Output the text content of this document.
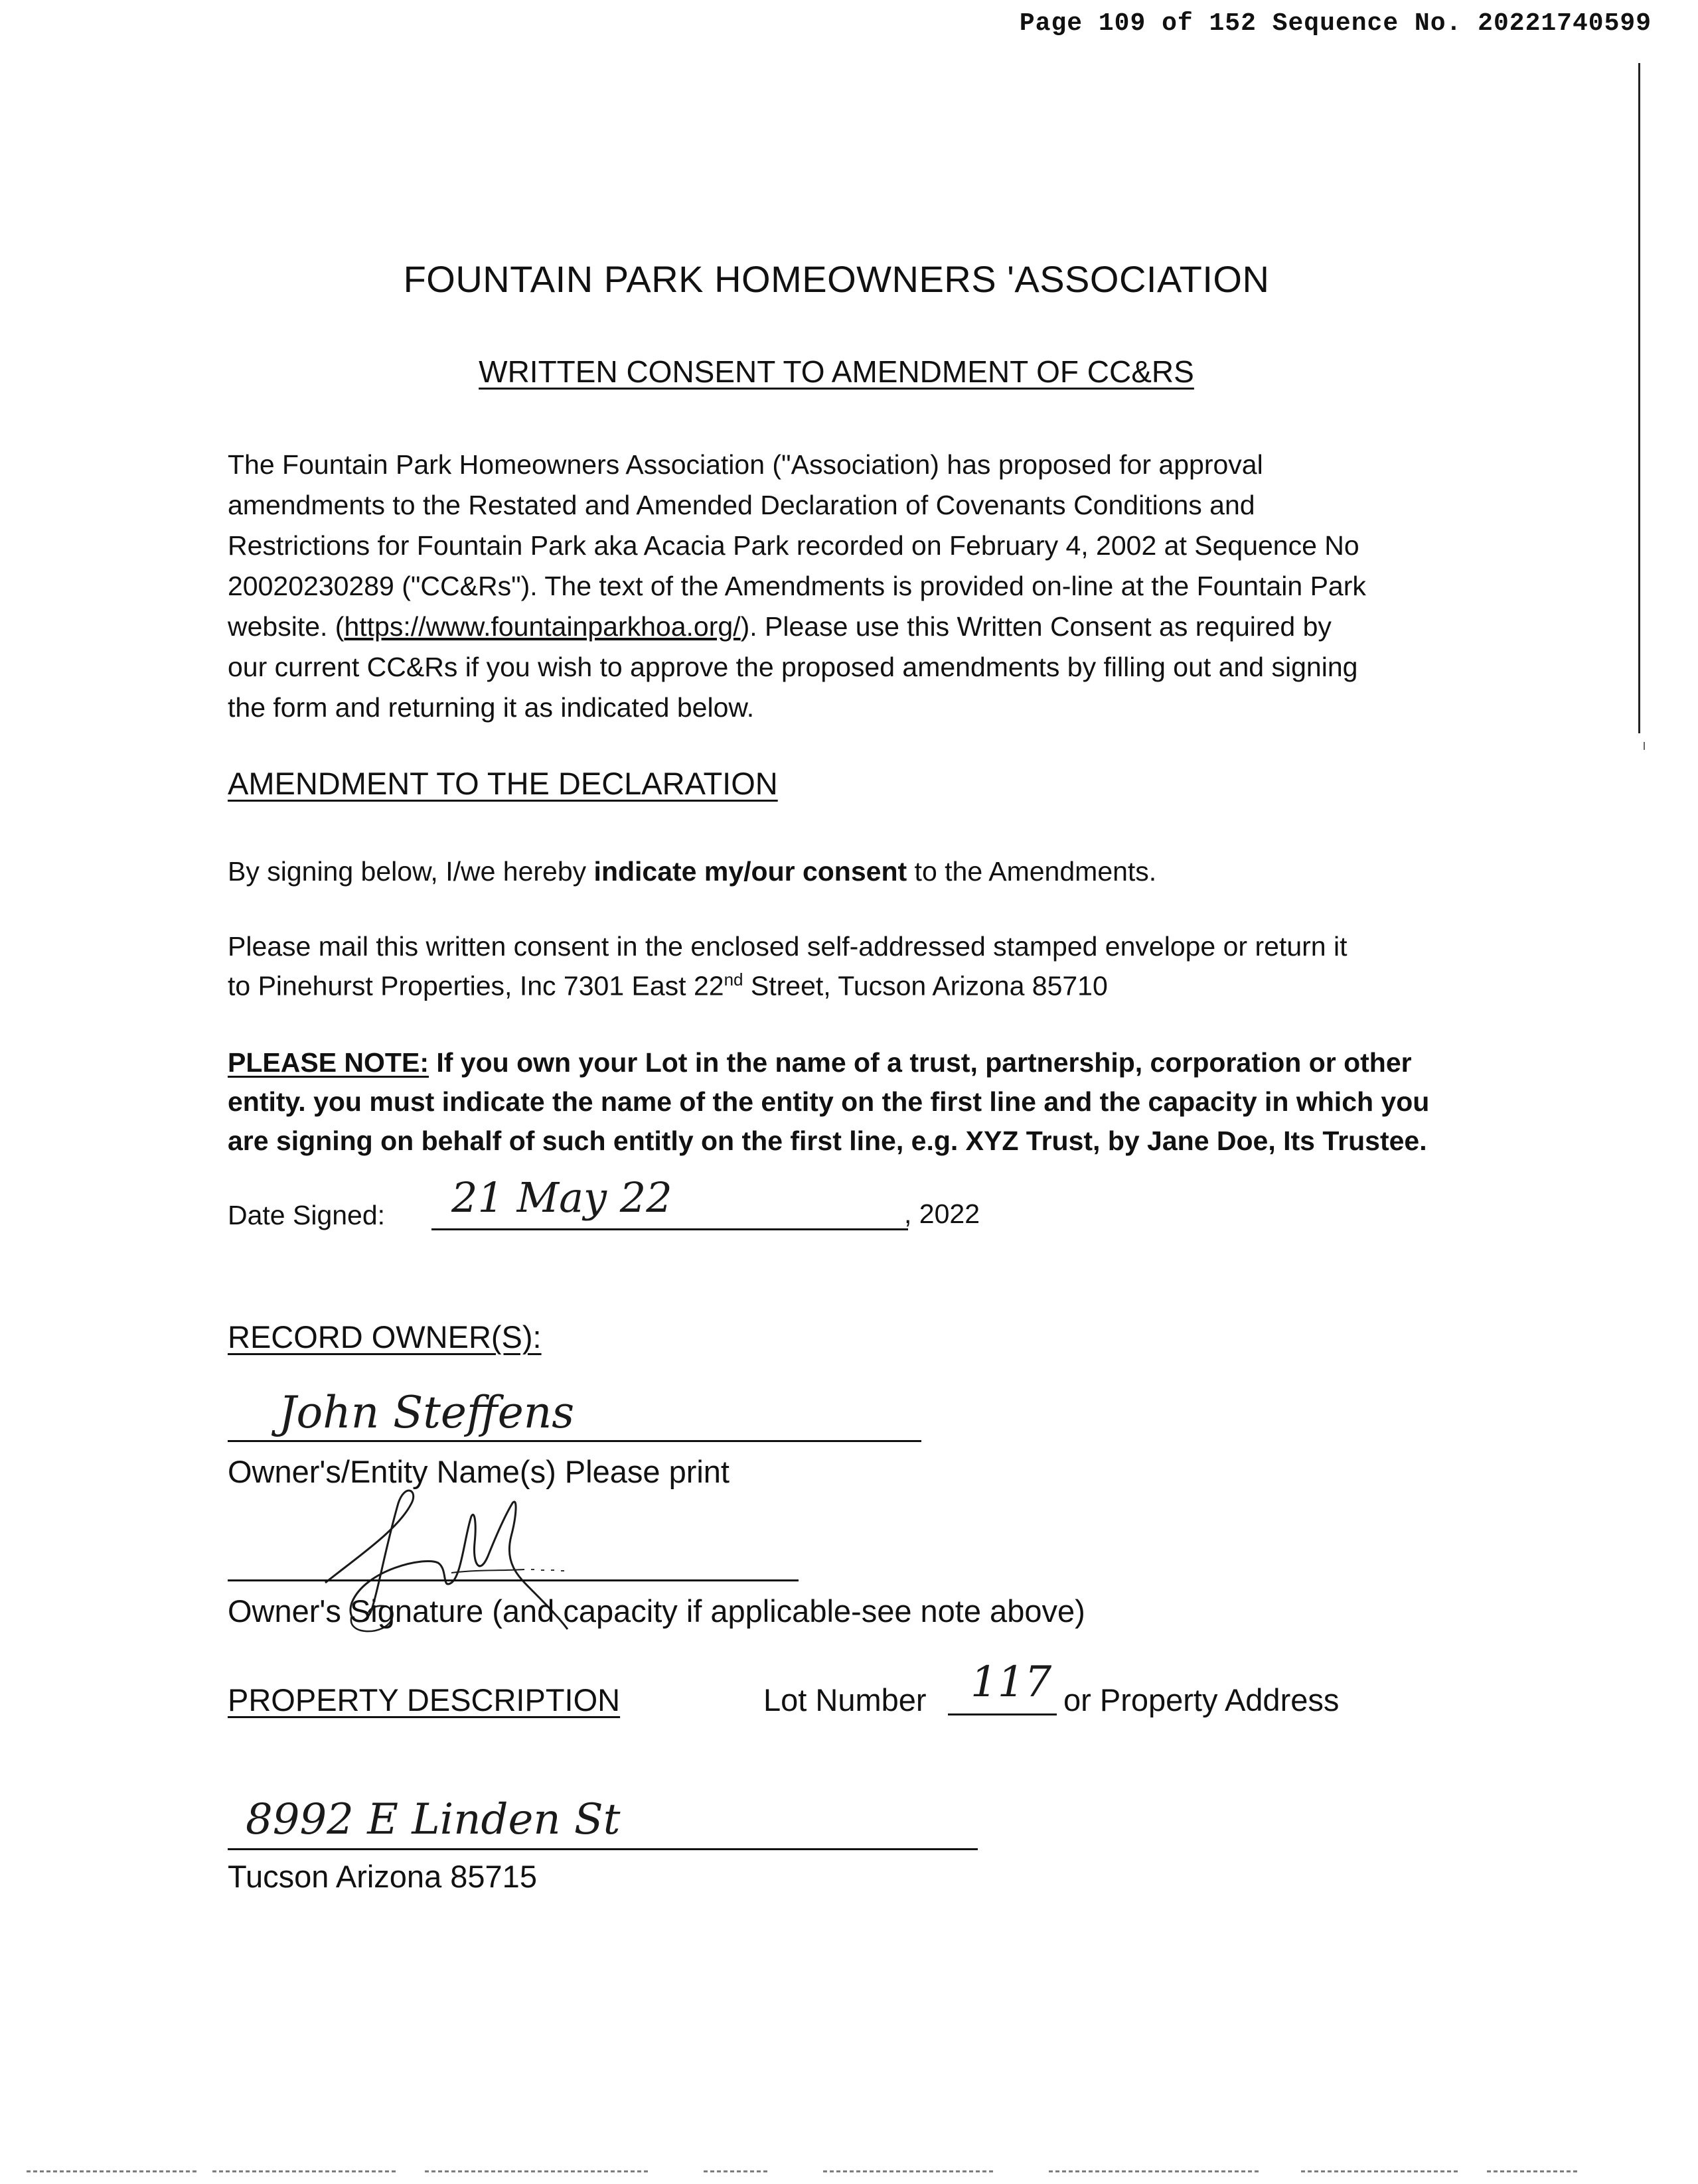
Page 109 of 152 Sequence No. 20221740599
FOUNTAIN PARK HOMEOWNERS 'ASSOCIATION
WRITTEN CONSENT TO AMENDMENT OF CC&RS

The Fountain Park Homeowners Association ("Association) has proposed for approval

amendments to the Restated and Amended Declaration of Covenants Conditions and

Restrictions for Fountain Park aka Acacia Park recorded on February 4, 2002 at Sequence No

20020230289 ("CC&Rs"). The text of the Amendments is provided on-line at the Fountain Park

website. (https://www.fountainparkhoa.org/). Please use this Written Consent as required by

our current CC&Rs if you wish to approve the proposed amendments by filling out and signing

the form and returning it as indicated below.

AMENDMENT TO THE DECLARATION
By signing below, I/we hereby indicate my/our consent to the Amendments.
Please mail this written consent in the enclosed self-addressed stamped envelope or return it
to Pinehurst Properties, Inc 7301 East 22nd Street, Tucson Arizona 85710

PLEASE NOTE: If you own your Lot in the name of a trust, partnership, corporation or other

entity. you must indicate the name of the entity on the first line and the capacity in which you

are signing on behalf of such entitly on the first line, e.g. XYZ Trust, by Jane Doe, Its Trustee.

Date Signed: 21 May 22	, 2022
RECORD OWNER(S):
John Steffens
Owner's/Entity Name(s) Please print
Owner's Signature (and capacity if applicable-see note above)
PROPERTY DESCRIPTION	Lot Number 117 or Property Address
8992 E Linden St
Tucson Arizona 85715
